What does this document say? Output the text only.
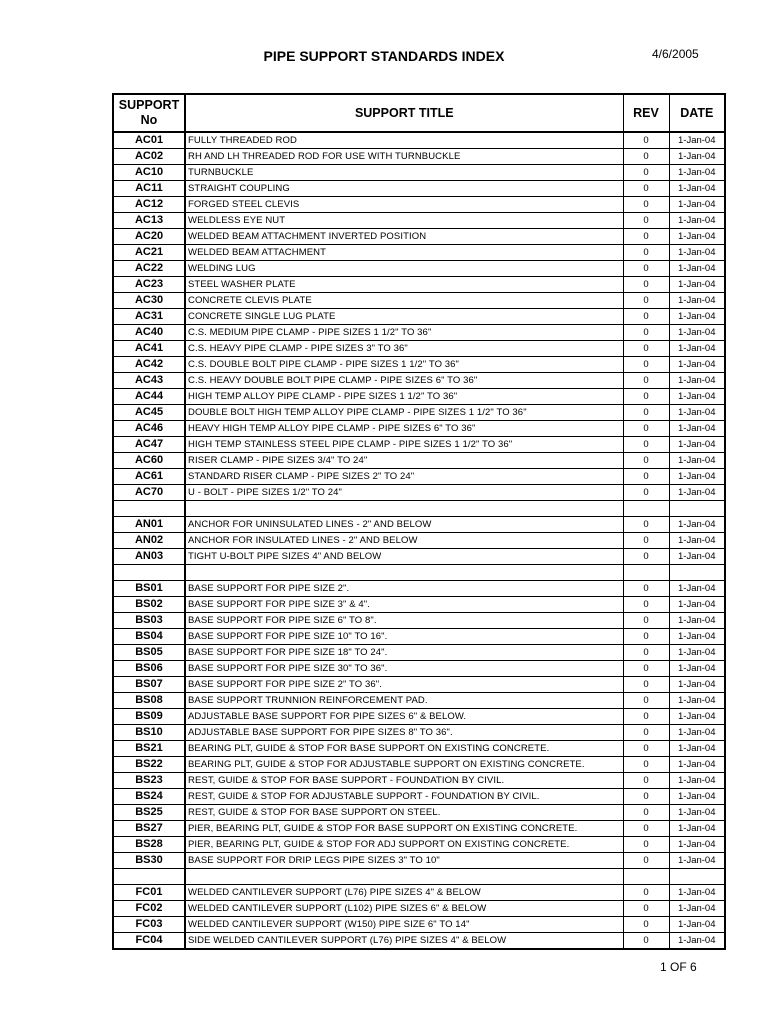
PIPE SUPPORT STANDARDS INDEX	4/6/2005
SUPPORT
No	SUPPORT TITLE	REV	DATE
AC01	FULLY THREADED ROD	0	1-Jan-04
AC02	RH AND LH THREADED ROD FOR USE WITH TURNBUCKLE	0	1-Jan-04
AC10	TURNBUCKLE	0	1-Jan-04
AC11	STRAIGHT COUPLING	0	1-Jan-04
AC12	FORGED STEEL CLEVIS	0	1-Jan-04
AC13	WELDLESS EYE NUT	0	1-Jan-04
AC20	WELDED BEAM ATTACHMENT INVERTED POSITION	0	1-Jan-04
AC21	WELDED BEAM ATTACHMENT	0	1-Jan-04
AC22	WELDING LUG	0	1-Jan-04
AC23	STEEL WASHER PLATE	0	1-Jan-04
AC30	CONCRETE CLEVIS PLATE	0	1-Jan-04
AC31	CONCRETE SINGLE LUG PLATE	0	1-Jan-04
AC40	C.S. MEDIUM PIPE CLAMP - PIPE SIZES 1 1/2" TO 36"	0	1-Jan-04
AC41	C.S. HEAVY PIPE CLAMP - PIPE SIZES 3" TO 36"	0	1-Jan-04
AC42	C.S. DOUBLE BOLT PIPE CLAMP - PIPE SIZES 1 1/2" TO 36"	0	1-Jan-04
AC43	C.S. HEAVY DOUBLE BOLT PIPE CLAMP - PIPE SIZES 6" TO 36"	0	1-Jan-04
AC44	HIGH TEMP ALLOY PIPE CLAMP - PIPE SIZES 1 1/2" TO 36"	0	1-Jan-04
AC45	DOUBLE BOLT HIGH TEMP ALLOY PIPE CLAMP - PIPE SIZES 1 1/2" TO 36"	0	1-Jan-04
AC46	HEAVY HIGH TEMP ALLOY PIPE CLAMP - PIPE SIZES 6" TO 36"	0	1-Jan-04
AC47	HIGH TEMP STAINLESS STEEL PIPE CLAMP - PIPE SIZES 1 1/2" TO 36"	0	1-Jan-04
AC60	RISER CLAMP - PIPE SIZES 3/4" TO 24"	0	1-Jan-04
AC61	STANDARD RISER CLAMP - PIPE SIZES 2" TO 24"	0	1-Jan-04
AC70	U - BOLT - PIPE SIZES 1/2" TO 24"	0	1-Jan-04

AN01	ANCHOR FOR UNINSULATED LINES - 2" AND BELOW	0	1-Jan-04
AN02	ANCHOR FOR INSULATED LINES - 2" AND BELOW	0	1-Jan-04
AN03	TIGHT U-BOLT PIPE SIZES 4" AND BELOW	0	1-Jan-04

BS01	BASE SUPPORT FOR PIPE SIZE 2".	0	1-Jan-04
BS02	BASE SUPPORT FOR PIPE SIZE 3" & 4".	0	1-Jan-04
BS03	BASE SUPPORT FOR PIPE SIZE 6" TO 8".	0	1-Jan-04
BS04	BASE SUPPORT FOR PIPE SIZE 10" TO 16".	0	1-Jan-04
BS05	BASE SUPPORT FOR PIPE SIZE 18" TO 24".	0	1-Jan-04
BS06	BASE SUPPORT FOR PIPE SIZE 30" TO 36".	0	1-Jan-04
BS07	BASE SUPPORT FOR PIPE SIZE 2" TO 36".	0	1-Jan-04
BS08	BASE SUPPORT TRUNNION REINFORCEMENT PAD.	0	1-Jan-04
BS09	ADJUSTABLE BASE SUPPORT FOR PIPE SIZES 6" & BELOW.	0	1-Jan-04
BS10	ADJUSTABLE BASE SUPPORT FOR PIPE SIZES 8" TO 36".	0	1-Jan-04
BS21	BEARING PLT, GUIDE & STOP FOR BASE SUPPORT ON EXISTING CONCRETE.	0	1-Jan-04
BS22	BEARING PLT, GUIDE & STOP FOR ADJUSTABLE SUPPORT ON EXISTING CONCRETE.	0	1-Jan-04
BS23	REST, GUIDE & STOP FOR BASE SUPPORT - FOUNDATION BY CIVIL.	0	1-Jan-04
BS24	REST, GUIDE & STOP FOR ADJUSTABLE SUPPORT - FOUNDATION BY CIVIL.	0	1-Jan-04
BS25	REST, GUIDE & STOP FOR BASE SUPPORT ON STEEL.	0	1-Jan-04
BS27	PIER, BEARING PLT, GUIDE & STOP FOR BASE SUPPORT ON EXISTING CONCRETE.	0	1-Jan-04
BS28	PIER, BEARING PLT, GUIDE & STOP FOR ADJ SUPPORT ON EXISTING CONCRETE.	0	1-Jan-04
BS30	BASE SUPPORT FOR DRIP LEGS PIPE SIZES 3" TO 10"	0	1-Jan-04

FC01	WELDED CANTILEVER SUPPORT (L76) PIPE SIZES 4" & BELOW	0	1-Jan-04
FC02	WELDED CANTILEVER SUPPORT (L102) PIPE SIZES 6" & BELOW	0	1-Jan-04
FC03	WELDED CANTILEVER SUPPORT (W150) PIPE SIZE 6" TO 14"	0	1-Jan-04
FC04	SIDE WELDED CANTILEVER SUPPORT (L76) PIPE SIZES 4" & BELOW	0	1-Jan-04
1 OF 6
